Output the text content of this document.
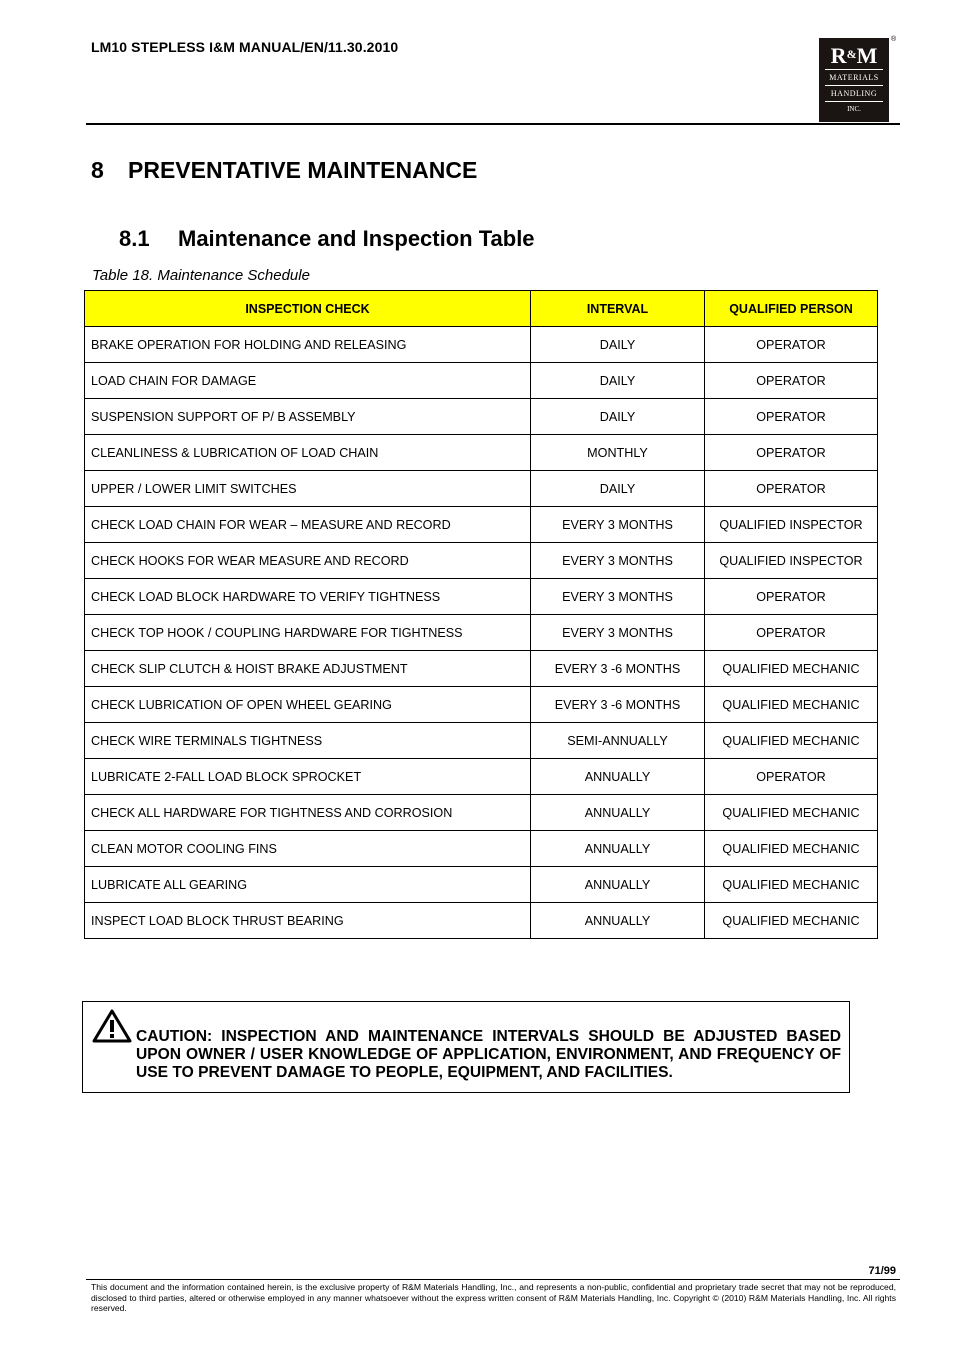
LM10 STEPLESS I&M MANUAL/EN/11.30.2010	R&M
MATERIALS
HANDLING
INC.
®
8 PREVENTATIVE MAINTENANCE
8.1 Maintenance and Inspection Table
Table 18. Maintenance Schedule
INSPECTION CHECK	INTERVAL	QUALIFIED PERSON
BRAKE OPERATION FOR HOLDING AND RELEASING	DAILY	OPERATOR
LOAD CHAIN FOR DAMAGE	DAILY	OPERATOR
SUSPENSION SUPPORT OF P/ B ASSEMBLY	DAILY	OPERATOR
CLEANLINESS & LUBRICATION OF LOAD CHAIN	MONTHLY	OPERATOR
UPPER / LOWER LIMIT SWITCHES	DAILY	OPERATOR
CHECK LOAD CHAIN FOR WEAR – MEASURE AND RECORD	EVERY 3 MONTHS	QUALIFIED INSPECTOR
CHECK HOOKS FOR WEAR MEASURE AND RECORD	EVERY 3 MONTHS	QUALIFIED INSPECTOR
CHECK LOAD BLOCK HARDWARE TO VERIFY TIGHTNESS	EVERY 3 MONTHS	OPERATOR
CHECK TOP HOOK / COUPLING HARDWARE FOR TIGHTNESS	EVERY 3 MONTHS	OPERATOR
CHECK SLIP CLUTCH & HOIST BRAKE ADJUSTMENT	EVERY 3 -6 MONTHS	QUALIFIED MECHANIC
CHECK LUBRICATION OF OPEN WHEEL GEARING	EVERY 3 -6 MONTHS	QUALIFIED MECHANIC
CHECK WIRE TERMINALS TIGHTNESS	SEMI-ANNUALLY	QUALIFIED MECHANIC
LUBRICATE 2-FALL LOAD BLOCK SPROCKET	ANNUALLY	OPERATOR
CHECK ALL HARDWARE FOR TIGHTNESS AND CORROSION	ANNUALLY	QUALIFIED MECHANIC
CLEAN MOTOR COOLING FINS	ANNUALLY	QUALIFIED MECHANIC
LUBRICATE ALL GEARING	ANNUALLY	QUALIFIED MECHANIC
INSPECT LOAD BLOCK THRUST BEARING	ANNUALLY	QUALIFIED MECHANIC
CAUTION: INSPECTION AND MAINTENANCE INTERVALS SHOULD BE ADJUSTED BASED UPON OWNER / USER KNOWLEDGE OF APPLICATION, ENVIRONMENT, AND FREQUENCY OF USE TO PREVENT DAMAGE TO PEOPLE, EQUIPMENT, AND FACILITIES.
71/99
This document and the information contained herein, is the exclusive property of R&M Materials Handling, Inc., and represents a non-public, confidential and proprietary trade secret that may not be reproduced, disclosed to third parties, altered or otherwise employed in any manner whatsoever without the express written consent of R&M Materials Handling, Inc. Copyright © (2010) R&M Materials Handling, Inc. All rights reserved.
